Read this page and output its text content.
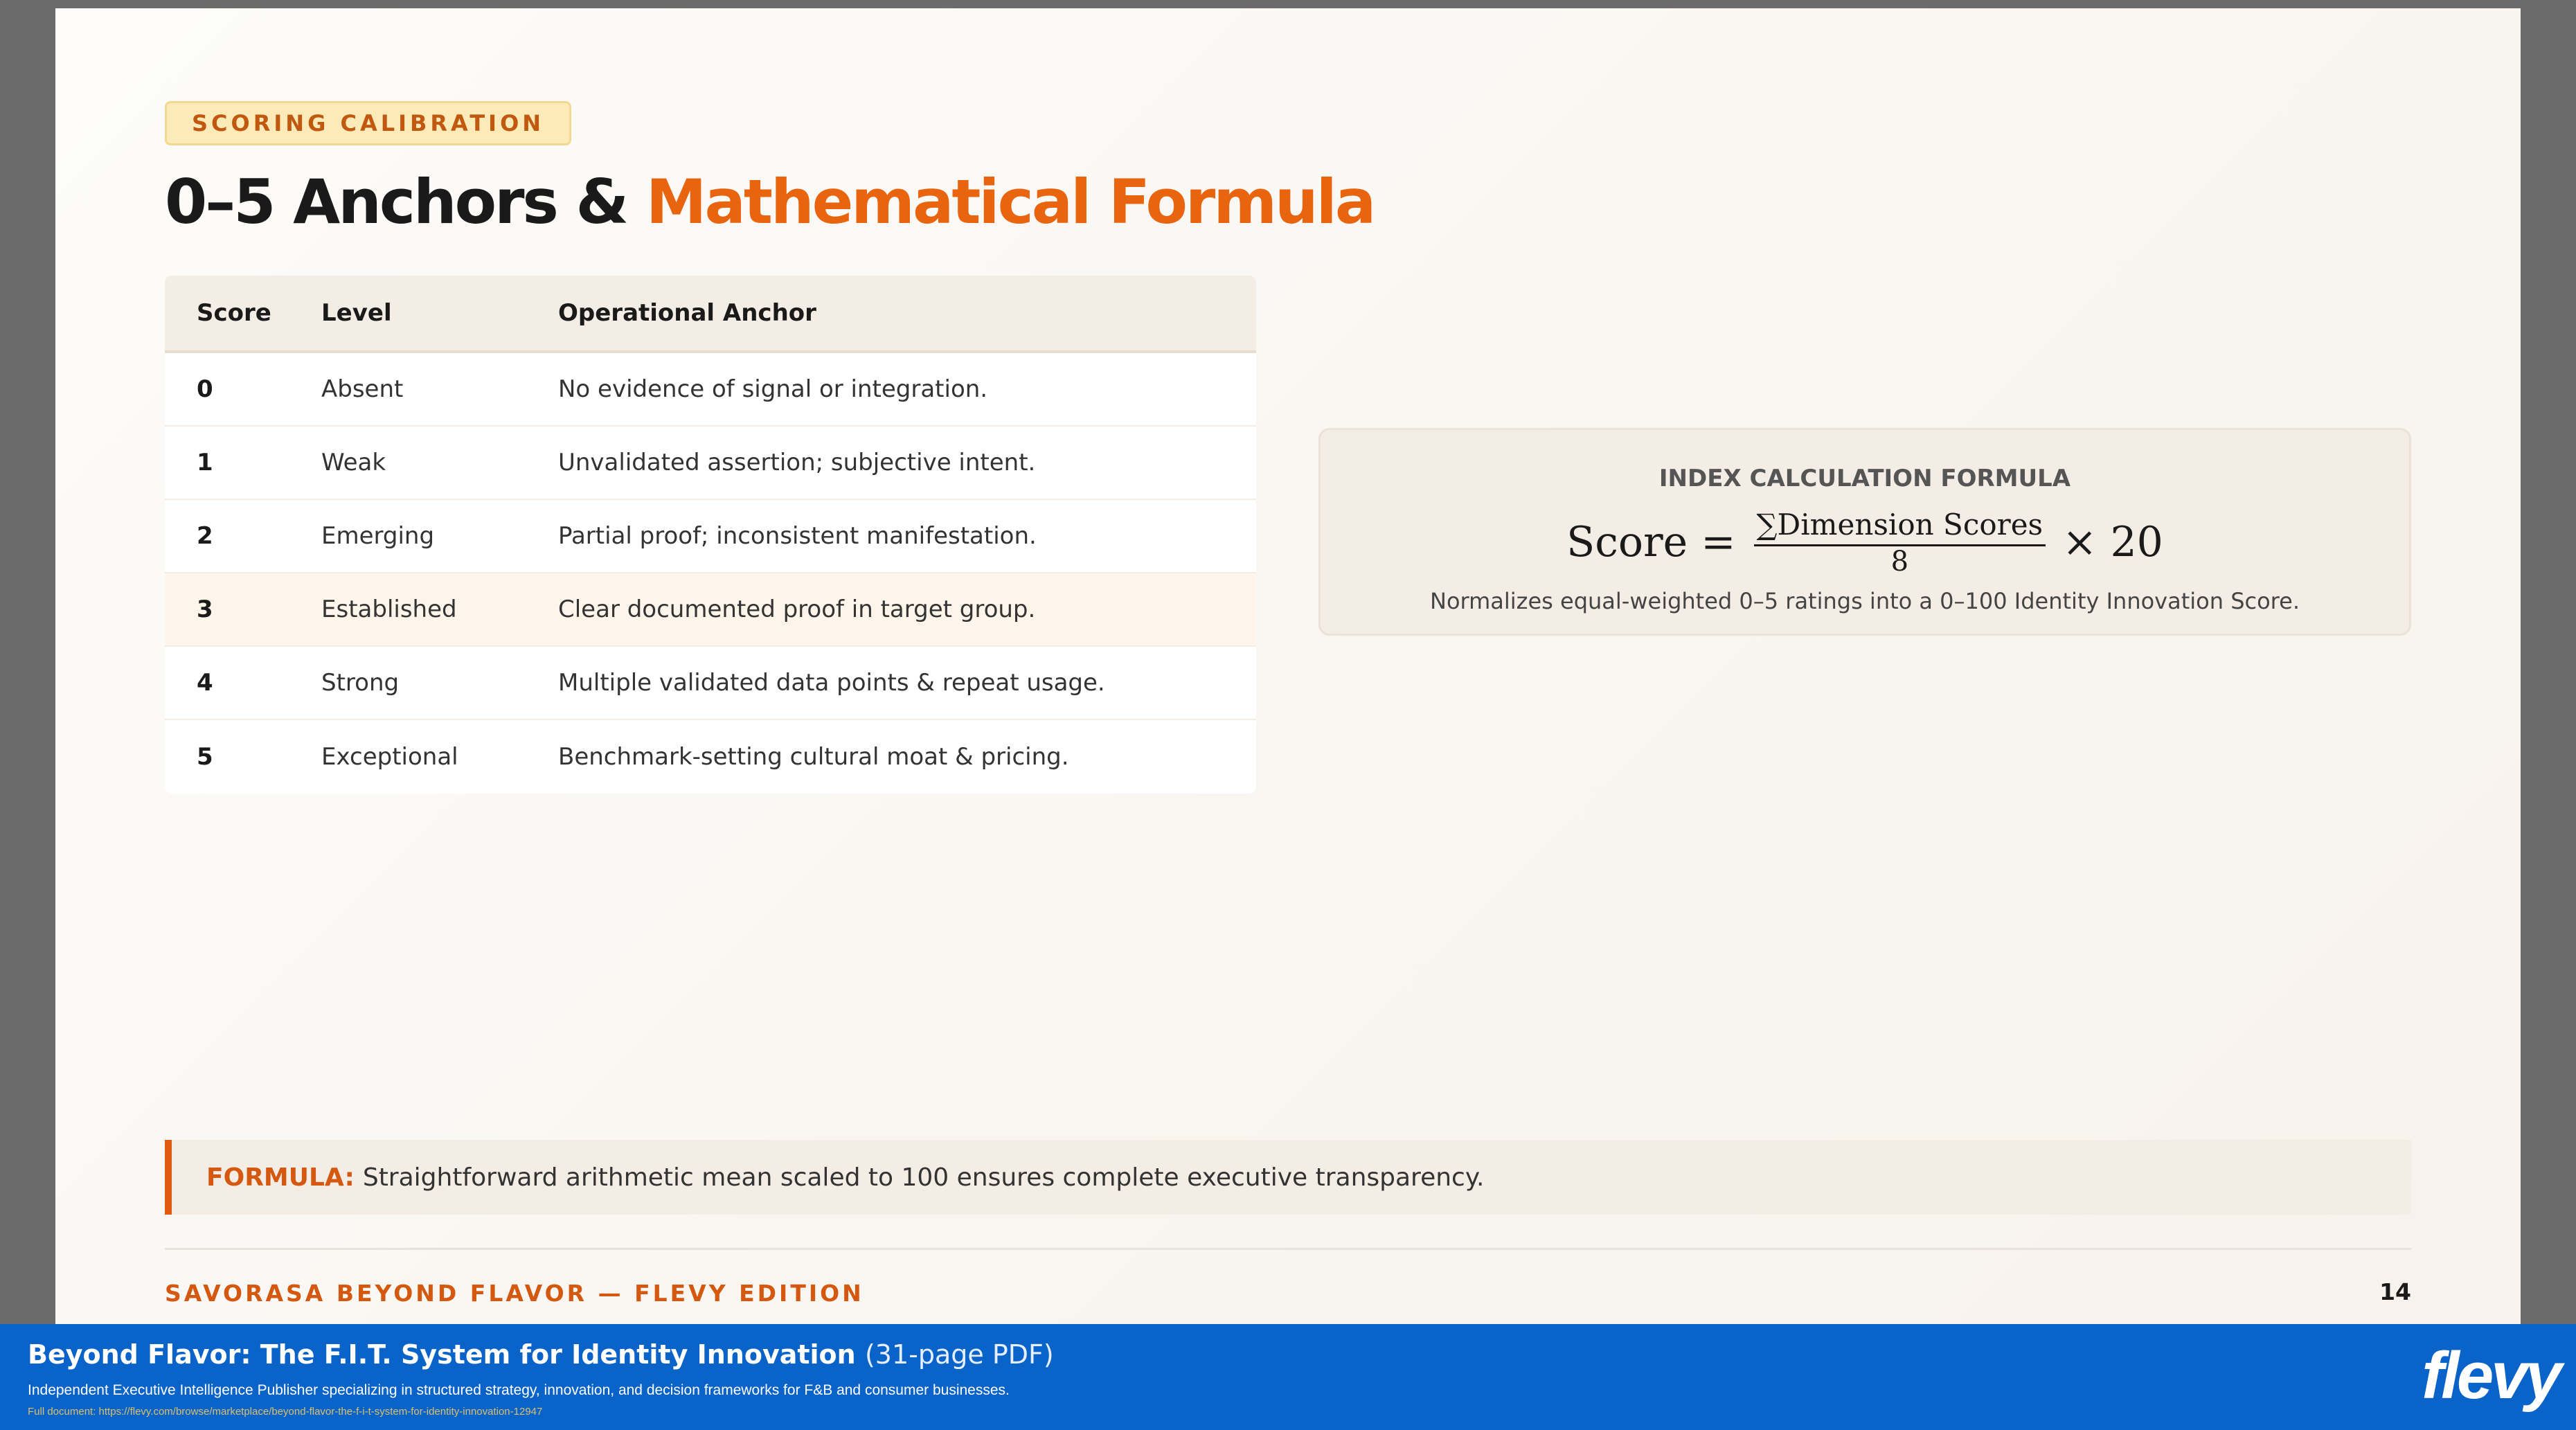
SCORING CALIBRATION
0–5 Anchors & Mathematical Formula
Score	Level	Operational Anchor
0	Absent	No evidence of signal or integration.
1	Weak	Unvalidated assertion; subjective intent.
2	Emerging	Partial proof; inconsistent manifestation.
3	Established	Clear documented proof in target group.
4	Strong	Multiple validated data points & repeat usage.
5	Exceptional	Benchmark-setting cultural moat & pricing.
INDEX CALCULATION FORMULA
Score = $\frac{\text{∑Dimension Scores}}{8} \times 20$
Normalizes equal-weighted 0–5 ratings into a 0–100 Identity Innovation Score.
FORMULA: Straightforward arithmetic mean scaled to 100 ensures complete executive transparency.
SAVORASA BEYOND FLAVOR — FLEVY EDITION	14
Beyond Flavor: The F.I.T. System for Identity Innovation (31-page PDF)
Independent Executive Intelligence Publisher specializing in structured strategy, innovation, and decision frameworks for F&B and consumer businesses.
Full document: https://flevy.com/browse/marketplace/beyond-flavor-the-f-i-t-system-for-identity-innovation-12947	flevy
